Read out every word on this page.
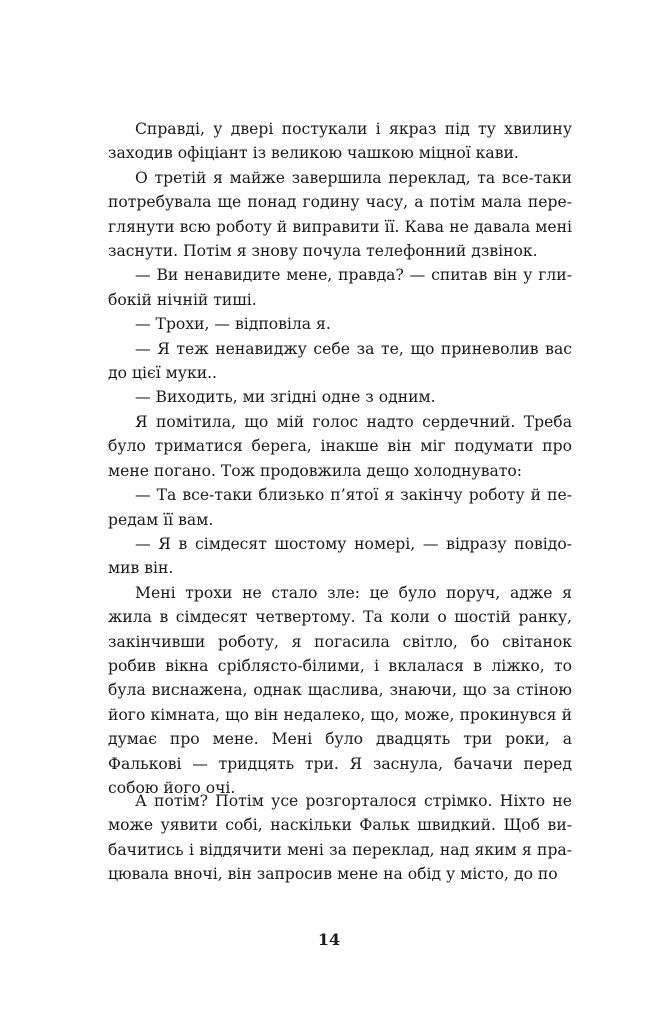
Справді, у двері постукали і якраз під ту хвилину заходив офіціант із великою чашкою міцної кави.

О третій я майже завершила переклад, та все-таки потребувала ще понад годину часу, а потім мала переглянути всю роботу й виправити її. Кава не давала мені заснути. Потім я знову почула телефонний дзвінок.

— Ви ненавидите мене, правда? — спитав він у глибокій нічній тиші.

— Трохи, — відповіла я.

— Я теж ненавиджу себе за те, що приневолив вас до цієї муки..

— Виходить, ми згідні одне з одним.

Я помітила, що мій голос надто сердечний. Треба було триматися берега, інакше він міг подумати про мене погано. Тож продовжила дещо холоднувато:

— Та все-таки близько п’ятої я закінчу роботу й передам її вам.

— Я в сімдесят шостому номері, — відразу повідомив він.

Мені трохи не стало зле: це було поруч, адже я жила в сімдесят четвертому. Та коли о шостій ранку, закінчивши роботу, я погасила світло, бо світанок робив вікна сріблясто-білими, і вклалася в ліжко, то була виснажена, однак щаслива, знаючи, що за стіною його кімната, що він недалеко, що, може, прокинувся й думає про мене. Мені було двадцять три роки, а Фалькові — тридцять три. Я заснула, бачачи перед собою його очі.

А потім? Потім усе розгорталося стрімко. Ніхто не може уявити собі, наскільки Фальк швидкий. Щоб вибачитись і віддячити мені за переклад, над яким я працювала вночі, він запросив мене на обід у місто, до по

14
